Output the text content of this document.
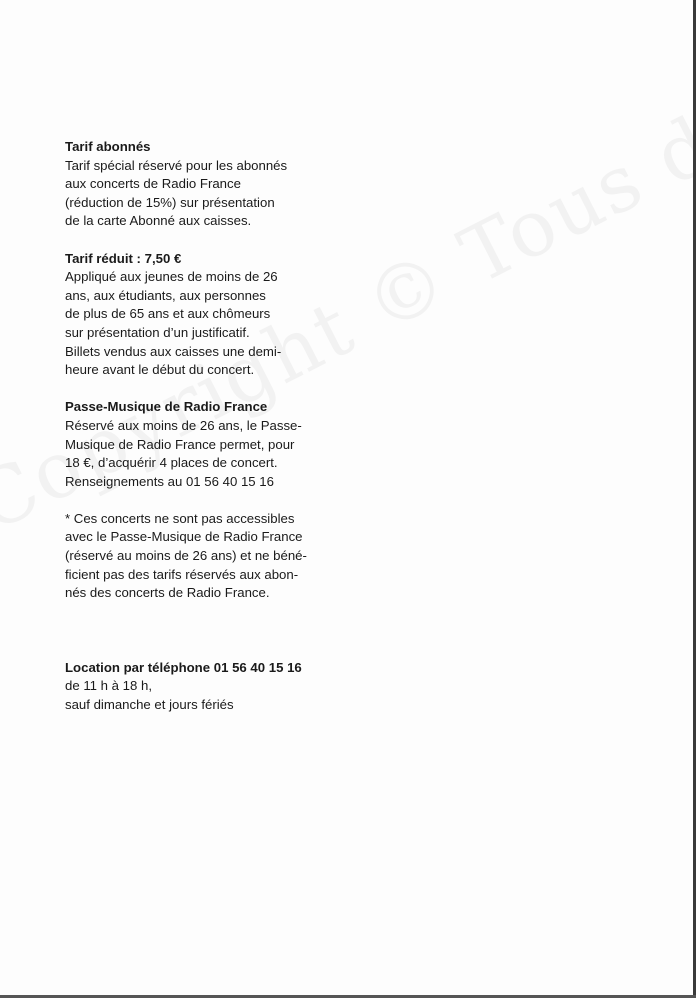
Tarif abonnés
Tarif spécial réservé pour les abonnés
aux concerts de Radio France
(réduction de 15%) sur présentation
de la carte Abonné aux caisses.
Tarif réduit : 7,50 €
Appliqué aux jeunes de moins de 26
ans, aux étudiants, aux personnes
de plus de 65 ans et aux chômeurs
sur présentation d’un justificatif.
Billets vendus aux caisses une demi-
heure avant le début du concert.
Passe-Musique de Radio France
Réservé aux moins de 26 ans, le Passe-
Musique de Radio France permet, pour
18 €, d’acquérir 4 places de concert.
Renseignements au 01 56 40 15 16
* Ces concerts ne sont pas accessibles
avec le Passe-Musique de Radio France
(réservé au moins de 26 ans) et ne béné-
ficient pas des tarifs réservés aux abon-
nés des concerts de Radio France.
Location par téléphone 01 56 40 15 16
de 11 h à 18 h,
sauf dimanche et jours fériés
